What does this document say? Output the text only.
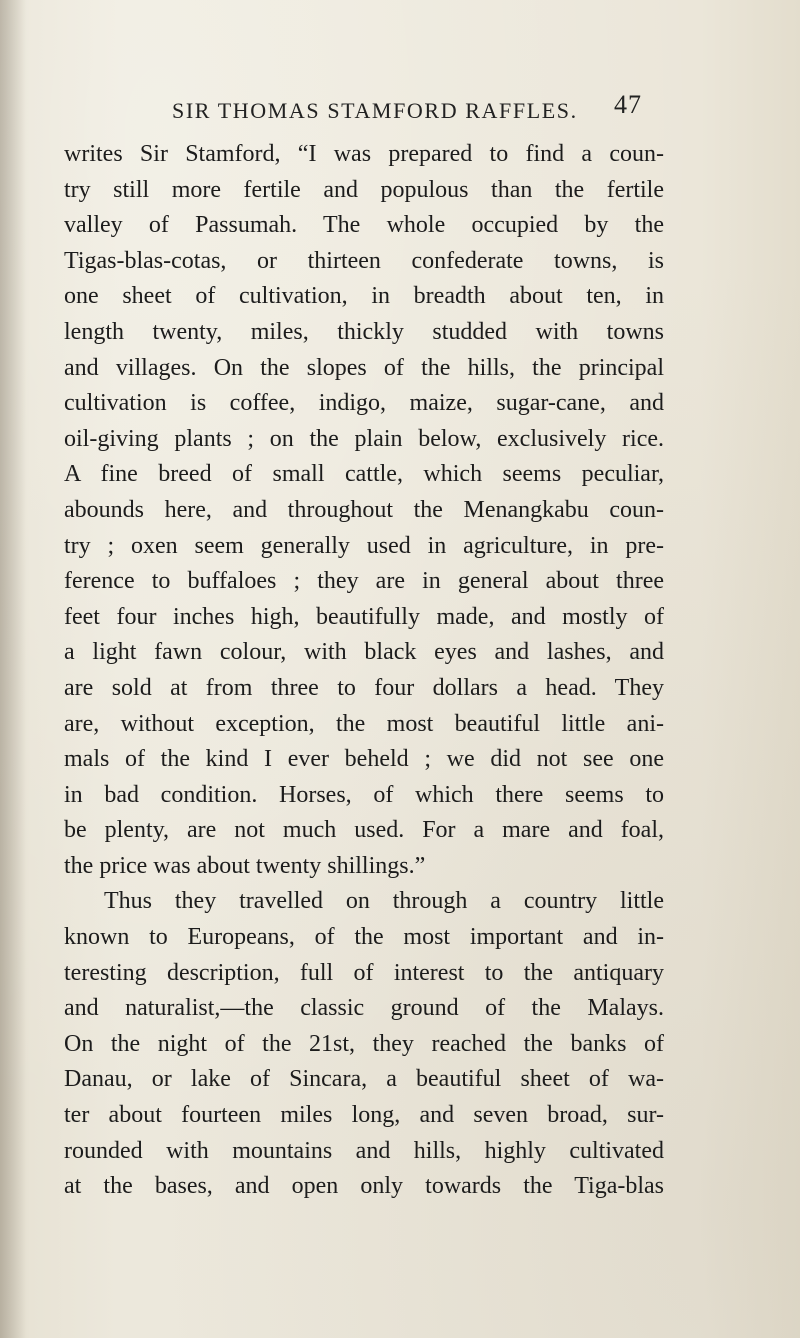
SIR THOMAS STAMFORD RAFFLES. 47
writes Sir Stamford, “I was prepared to find a coun-
try still more fertile and populous than the fertile
valley of Passumah. The whole occupied by the
Tigas-blas-cotas, or thirteen confederate towns, is
one sheet of cultivation, in breadth about ten, in
length twenty, miles, thickly studded with towns
and villages. On the slopes of the hills, the principal
cultivation is coffee, indigo, maize, sugar-cane, and
oil-giving plants ; on the plain below, exclusively rice.
A fine breed of small cattle, which seems peculiar,
abounds here, and throughout the Menangkabu coun-
try ; oxen seem generally used in agriculture, in pre-
ference to buffaloes ; they are in general about three
feet four inches high, beautifully made, and mostly of
a light fawn colour, with black eyes and lashes, and
are sold at from three to four dollars a head. They
are, without exception, the most beautiful little ani-
mals of the kind I ever beheld ; we did not see one
in bad condition. Horses, of which there seems to
be plenty, are not much used. For a mare and foal,
the price was about twenty shillings.”
Thus they travelled on through a country little
known to Europeans, of the most important and in-
teresting description, full of interest to the antiquary
and naturalist,—the classic ground of the Malays.
On the night of the 21st, they reached the banks of
Danau, or lake of Sincara, a beautiful sheet of wa-
ter about fourteen miles long, and seven broad, sur-
rounded with mountains and hills, highly cultivated
at the bases, and open only towards the Tiga-blas
